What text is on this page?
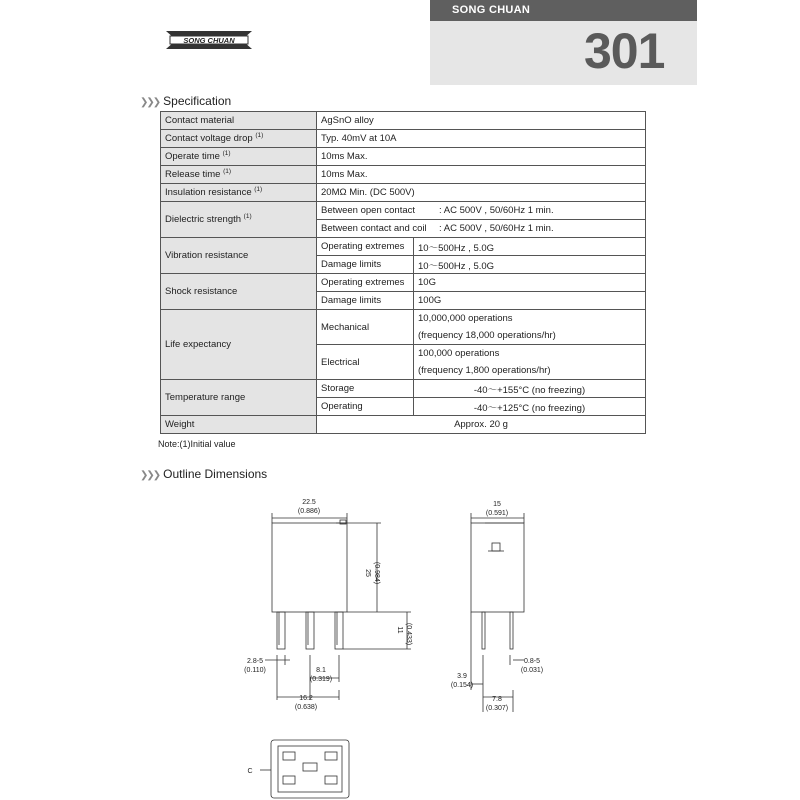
SONG CHUAN
301
SONG CHUAN
❯❯❯ Specification
Contact material	AgSnO alloy	
Contact voltage drop $^{(1)}$	Typ. 40mV at 10A	
Operate time $^{(1)}$	10ms Max.	
Release time $^{(1)}$	10ms Max.	
Insulation resistance $^{(1)}$	20MΩ Min. (DC 500V)	
Dielectric strength $^{(1)}$	Between open contact : AC 500V , 50/60Hz 1 min.	
	Between contact and coil : AC 500V , 50/60Hz 1 min.	
Vibration resistance	Operating extremes	10～500Hz , 5.0G
	Damage limits	10～500Hz , 5.0G
Shock resistance	Operating extremes	10G
	Damage limits	100G
Life expectancy	Mechanical	10,000,000 operations
(frequency 18,000 operations/hr)

	Electrical	100,000 operations
(frequency 1,800 operations/hr)

Temperature range	Storage	-40～+155°C (no freezing)
	Operating	-40～+125°C (no freezing)
Weight	Approx. 20 g	
Note:(1)Initial value
❯❯❯ Outline Dimensions
22.5
(0.886)
25 (0.984)
11 (0.433)
2.8-5
(0.110)	8.1
(0.319)
16.2
(0.638)
15
(0.591)
3.9
(0.154)
0.8-5
(0.031)
7.8
(0.307)
C
